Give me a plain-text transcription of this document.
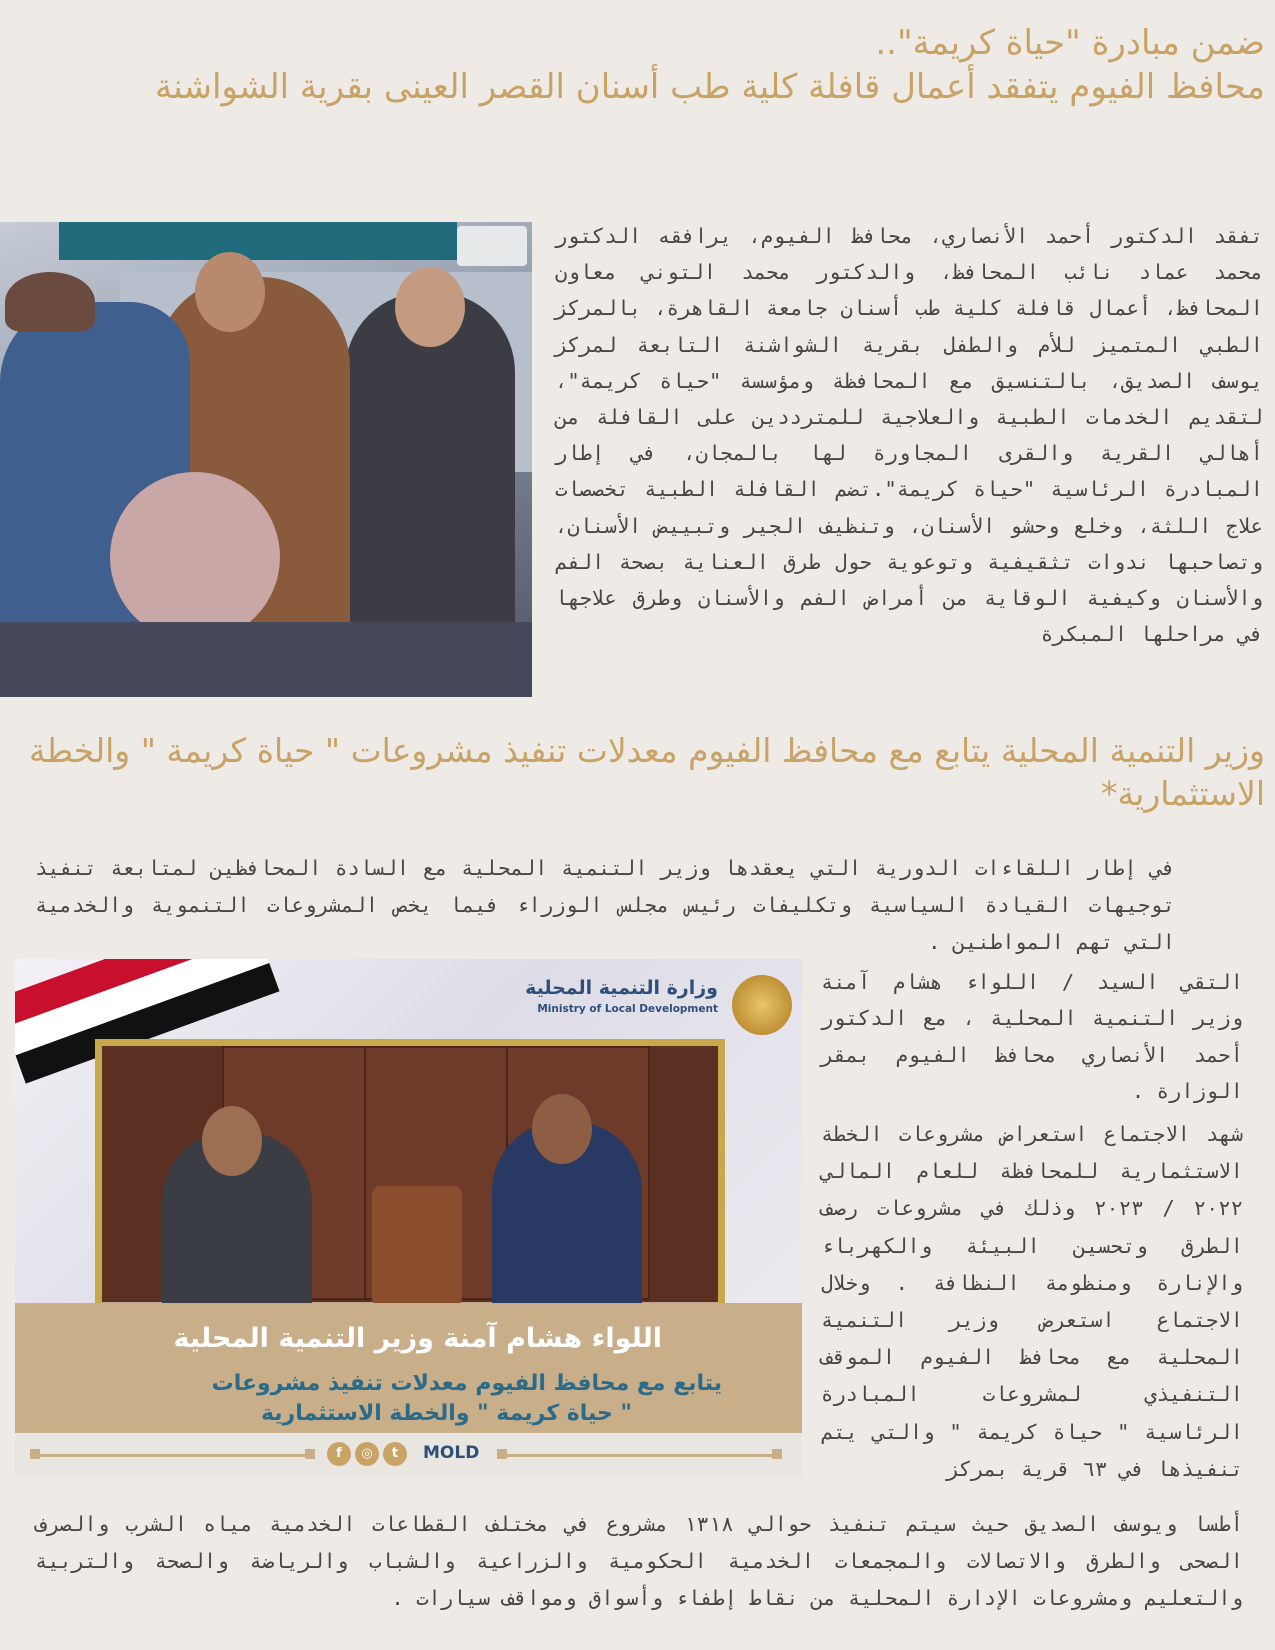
ضمن مبادرة "حياة كريمة"..
محافظ الفيوم يتفقد أعمال قافلة كلية طب أسنان القصر العينى بقرية الشواشنة

تفقد الدكتور أحمد الأنصاري، محافظ الفيوم، يرافقه الدكتور محمد عماد نائب المحافظ، والدكتور محمد التوني معاون المحافظ، أعمال قافلة كلية طب أسنان جامعة القاهرة، بالمركز الطبي المتميز للأم والطفل بقرية الشواشنة التابعة لمركز يوسف الصديق، بالتنسيق مع المحافظة ومؤسسة "حياة كريمة"، لتقديم الخدمات الطبية والعلاجية للمترددين على القافلة من أهالي القرية والقرى المجاورة لها بالمجان، في إطار المبادرة الرئاسية "حياة كريمة".تضم القافلة الطبية تخصصات علاج اللثة، وخلع وحشو الأسنان، وتنظيف الجير وتبييض الأسنان، وتصاحبها ندوات تثقيفية وتوعوية حول طرق العناية بصحة الفم والأسنان وكيفية الوقاية من أمراض الفم والأسنان وطرق علاجها في مراحلها المبكرة

وزير التنمية المحلية يتابع مع محافظ الفيوم معدلات تنفيذ مشروعات " حياة كريمة " والخطة الاستثمارية*

في إطار اللقاءات الدورية التي يعقدها وزير التنمية المحلية مع السادة المحافظين لمتابعة تنفيذ توجيهات القيادة السياسية وتكليفات رئيس مجلس الوزراء فيما يخص المشروعات التنموية والخدمية التي تهم المواطنين .

وزارة التنمية المحلية
Ministry of Local Development
اللواء هشام آمنة وزير التنمية المحلية
يتابع مع محافظ الفيوم معدلات تنفيذ مشروعات
" حياة كريمة " والخطة الاستثمارية
f	◎	t	MOLD

التقي السيد / اللواء هشام آمنة وزير التنمية المحلية ، مع الدكتور أحمد الأنصاري محافظ الفيوم بمقر الوزارة .

شهد الاجتماع استعراض مشروعات الخطة الاستثمارية للمحافظة للعام المالي ٢٠٢٢ / ٢٠٢٣ وذلك في مشروعات رصف الطرق وتحسين البيئة والكهرباء والإنارة ومنظومة النظافة . وخلال الاجتماع استعرض وزير التنمية المحلية مع محافظ الفيوم الموقف التنفيذي لمشروعات المبادرة الرئاسية " حياة كريمة " والتي يتم تنفيذها في ٦٣ قرية بمركز

أطسا ويوسف الصديق حيث سيتم تنفيذ حوالي ١٣١٨ مشروع في مختلف القطاعات الخدمية مياه الشرب والصرف الصحى والطرق والاتصالات والمجمعات الخدمية الحكومية والزراعية والشباب والرياضة والصحة والتربية والتعليم ومشروعات الإدارة المحلية من نقاط إطفاء وأسواق ومواقف سيارات .
